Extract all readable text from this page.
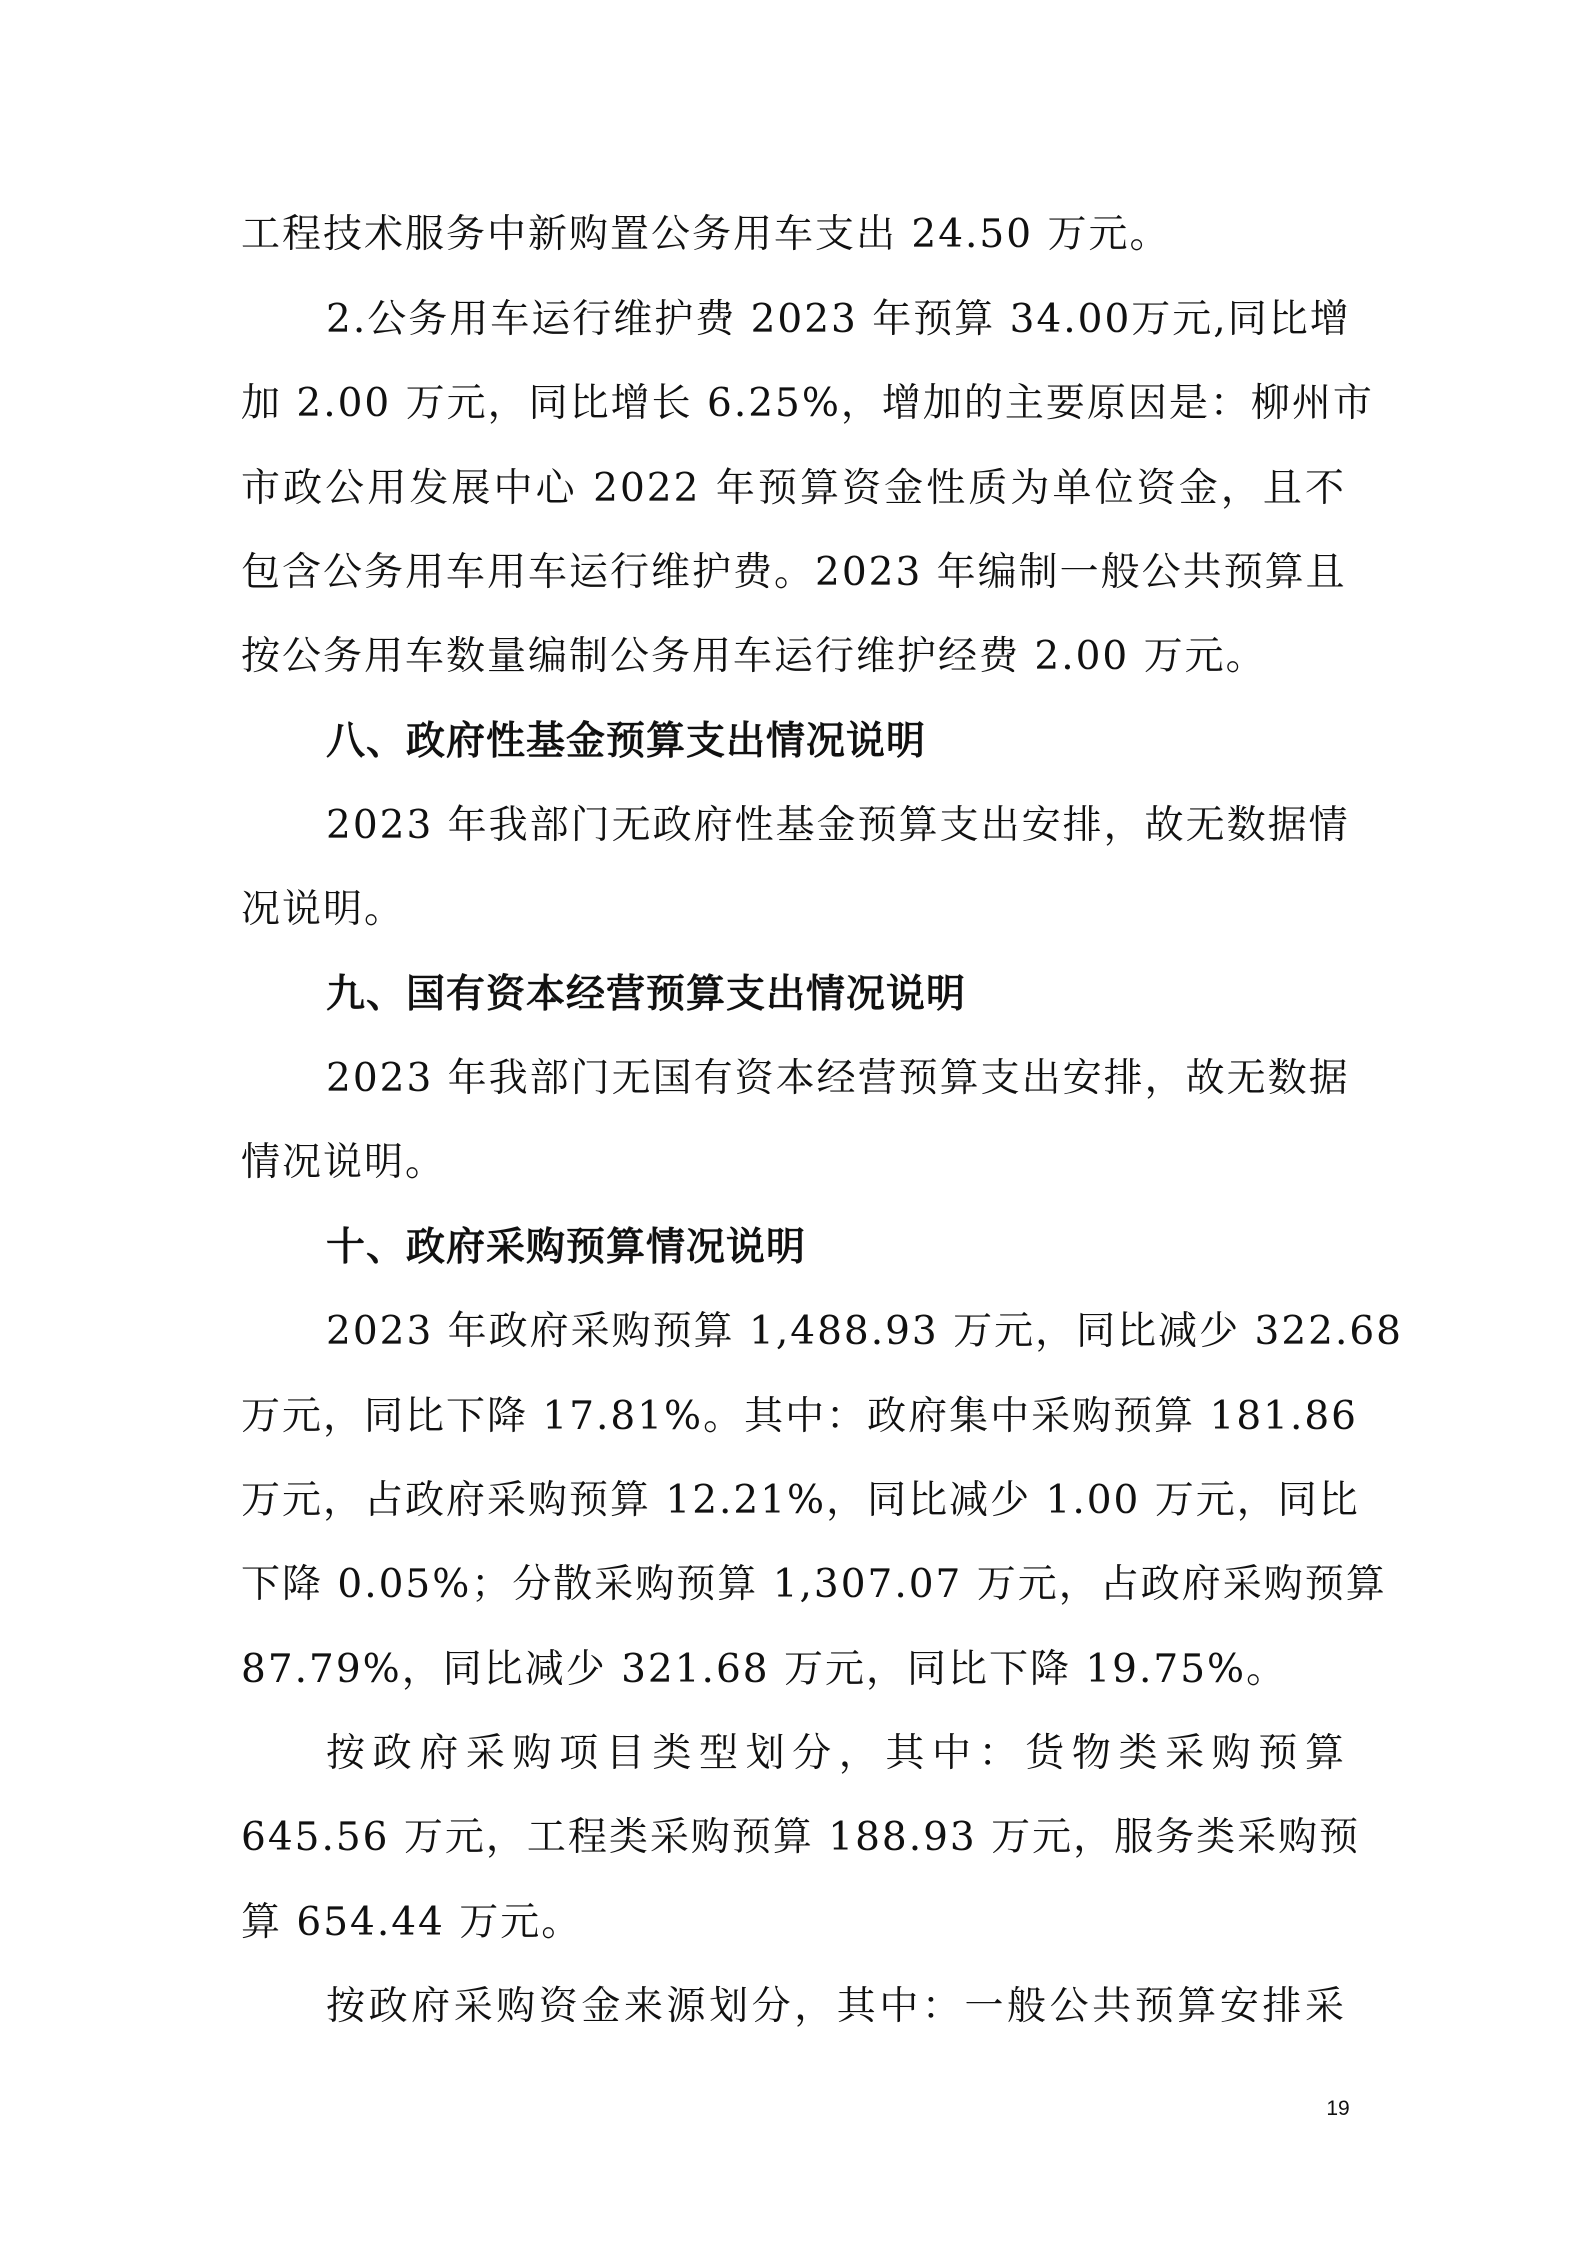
工程技术服务中新购置公务用车支出 24.50 万元。
2.公务用车运行维护费 2023 年预算 34.00万元,同比增
加 2.00 万元，同比增长 6.25%，增加的主要原因是：柳州市
市政公用发展中心 2022 年预算资金性质为单位资金，且不
包含公务用车用车运行维护费。2023 年编制一般公共预算且
按公务用车数量编制公务用车运行维护经费 2.00 万元。
八、政府性基金预算支出情况说明
2023 年我部门无政府性基金预算支出安排，故无数据情
况说明。
九、国有资本经营预算支出情况说明
2023 年我部门无国有资本经营预算支出安排，故无数据
情况说明。
十、政府采购预算情况说明
2023 年政府采购预算 1,488.93 万元，同比减少 322.68
万元，同比下降 17.81%。其中：政府集中采购预算 181.86
万元，占政府采购预算 12.21%，同比减少 1.00 万元，同比
下降 0.05%；分散采购预算 1,307.07 万元，占政府采购预算
87.79%，同比减少 321.68 万元，同比下降 19.75%。
按政府采购项目类型划分，其中：货物类采购预算
645.56 万元，工程类采购预算 188.93 万元，服务类采购预
算 654.44 万元。
按政府采购资金来源划分，其中：一般公共预算安排采
19
